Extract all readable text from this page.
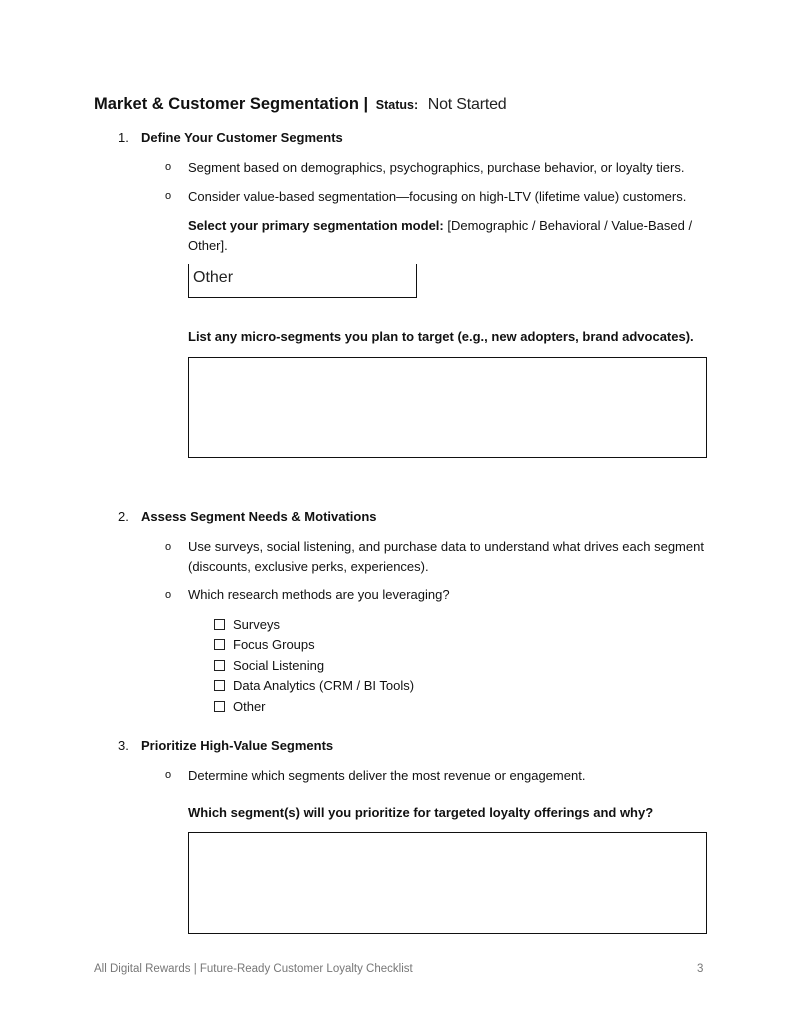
Market & Customer Segmentation | Status: Not Started
1. Define Your Customer Segments
o Segment based on demographics, psychographics, purchase behavior, or loyalty tiers.
o Consider value-based segmentation—focusing on high-LTV (lifetime value) customers.
Select your primary segmentation model: [Demographic / Behavioral / Value-Based /
Other].
Other
List any micro-segments you plan to target (e.g., new adopters, brand advocates).
2. Assess Segment Needs & Motivations
o Use surveys, social listening, and purchase data to understand what drives each segment
(discounts, exclusive perks, experiences).
o Which research methods are you leveraging?
Surveys
Focus Groups
Social Listening
Data Analytics (CRM / BI Tools)
Other
3. Prioritize High-Value Segments
o Determine which segments deliver the most revenue or engagement.
Which segment(s) will you prioritize for targeted loyalty offerings and why?
All Digital Rewards | Future-Ready Customer Loyalty Checklist	3
